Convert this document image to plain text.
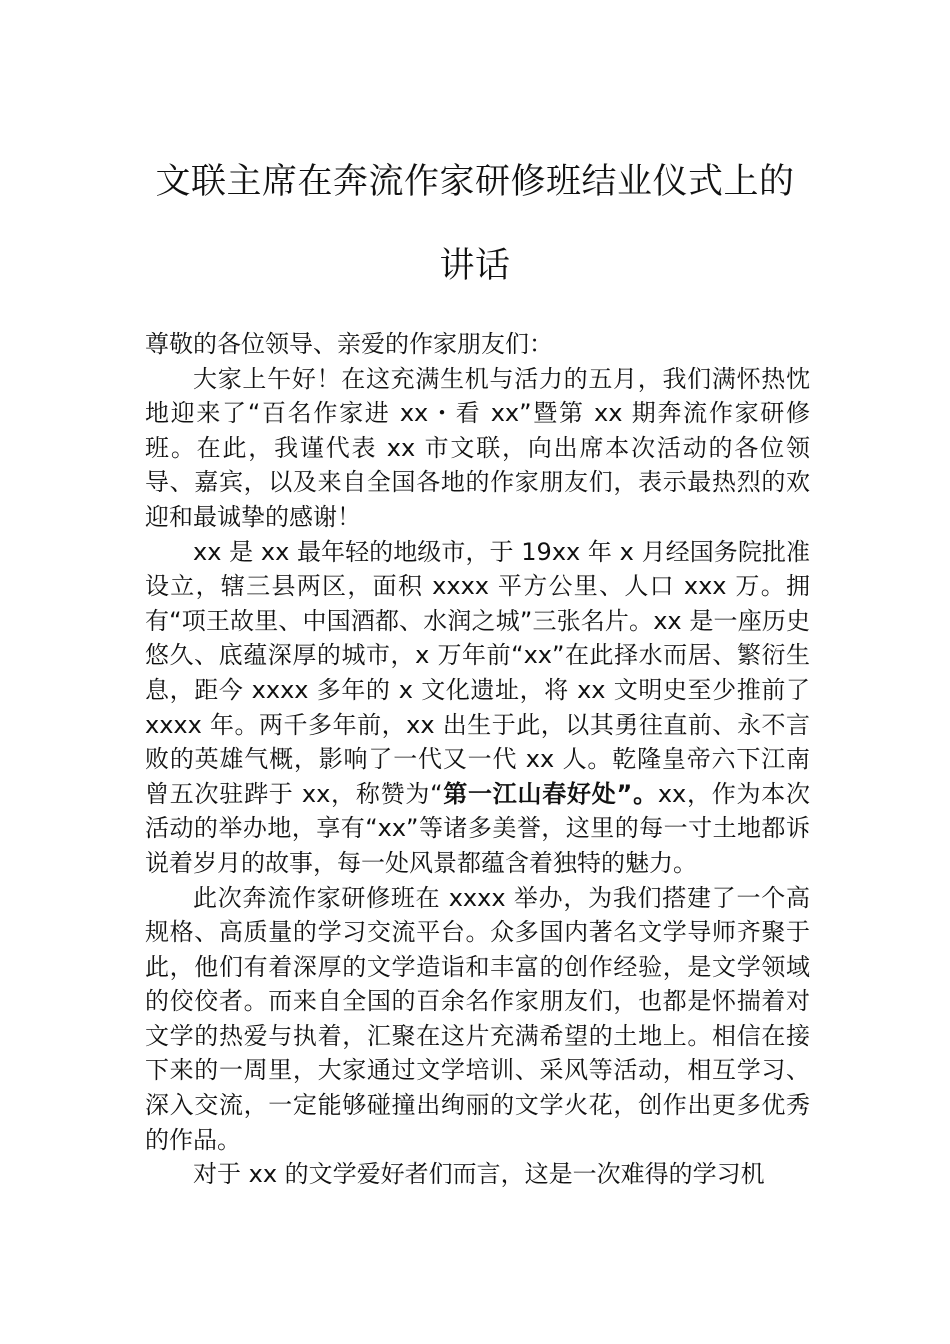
文联主席在奔流作家研修班结业仪式上的
讲话

尊敬的各位领导、亲爱的作家朋友们：

大家上午好！在这充满生机与活力的五月，我们满怀热忱地迎来了“百名作家进 xx・看 xx”暨第 xx 期奔流作家研修班。在此，我谨代表 xx 市文联，向出席本次活动的各位领导、嘉宾，以及来自全国各地的作家朋友们，表示最热烈的欢迎和最诚挚的感谢！

xx 是 xx 最年轻的地级市，于 19xx 年 x 月经国务院批准设立，辖三县两区，面积 xxxx 平方公里、人口 xxx 万。拥有“项王故里、中国酒都、水润之城”三张名片。xx 是一座历史悠久、底蕴深厚的城市，x 万年前“xx”在此择水而居、繁衍生息，距今 xxxx 多年的 x 文化遗址，将 xx 文明史至少推前了 xxxx 年。两千多年前，xx 出生于此，以其勇往直前、永不言败的英雄气概，影响了一代又一代 xx 人。乾隆皇帝六下江南曾五次驻跸于 xx，称赞为“第一江山春好处”。xx，作为本次活动的举办地，享有“xx”等诸多美誉，这里的每一寸土地都诉说着岁月的故事，每一处风景都蕴含着独特的魅力。

此次奔流作家研修班在 xxxx 举办，为我们搭建了一个高规格、高质量的学习交流平台。众多国内著名文学导师齐聚于此，他们有着深厚的文学造诣和丰富的创作经验，是文学领域的佼佼者。而来自全国的百余名作家朋友们，也都是怀揣着对文学的热爱与执着，汇聚在这片充满希望的土地上。相信在接下来的一周里，大家通过文学培训、采风等活动，相互学习、深入交流，一定能够碰撞出绚丽的文学火花，创作出更多优秀的作品。

对于 xx 的文学爱好者们而言，这是一次难得的学习机
